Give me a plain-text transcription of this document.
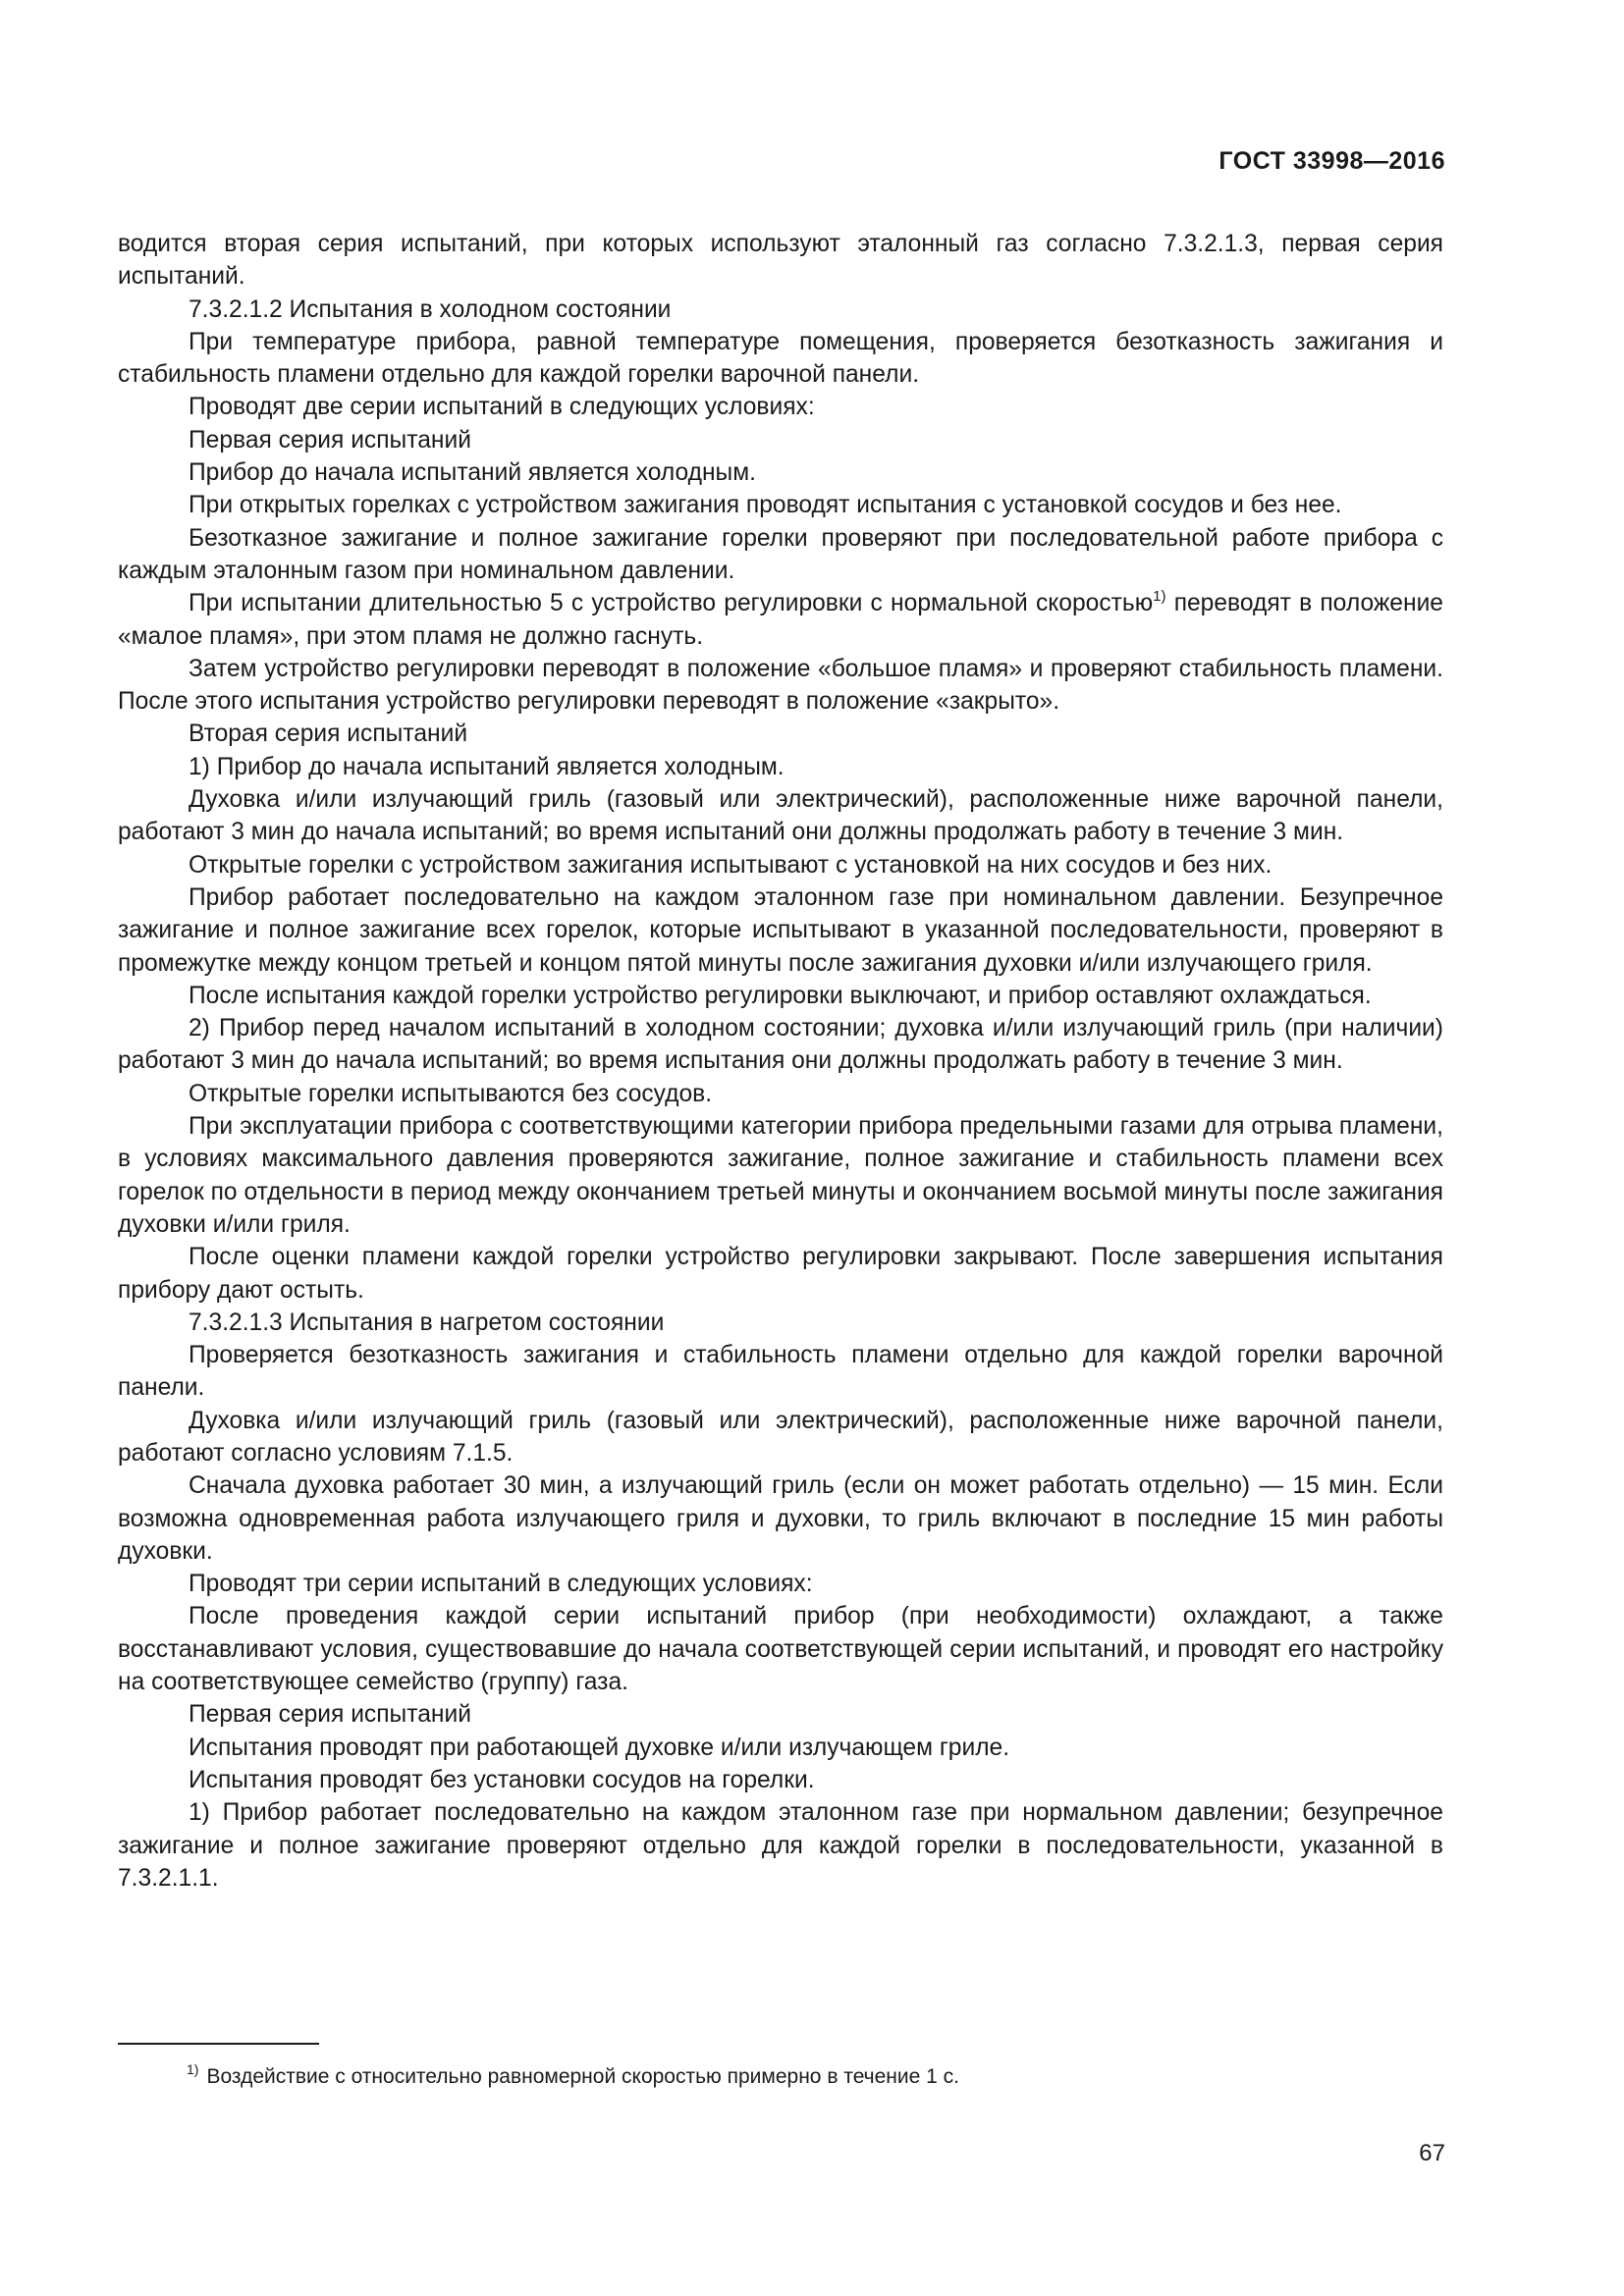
ГОСТ 33998—2016

водится вторая серия испытаний, при которых используют эталонный газ согласно 7.3.2.1.3, первая серия испытаний.

7.3.2.1.2 Испытания в холодном состоянии

При температуре прибора, равной температуре помещения, проверяется безотказность зажигания и стабильность пламени отдельно для каждой горелки варочной панели.

Проводят две серии испытаний в следующих условиях:

Первая серия испытаний

Прибор до начала испытаний является холодным.

При открытых горелках с устройством зажигания проводят испытания с установкой сосудов и без нее.

Безотказное зажигание и полное зажигание горелки проверяют при последовательной работе прибора с каждым эталонным газом при номинальном давлении.

При испытании длительностью 5 с устройство регулировки с нормальной скоростью$^{1)}$ переводят в положение «малое пламя», при этом пламя не должно гаснуть.

Затем устройство регулировки переводят в положение «большое пламя» и проверяют стабильность пламени. После этого испытания устройство регулировки переводят в положение «закрыто».

Вторая серия испытаний

1) Прибор до начала испытаний является холодным.

Духовка и/или излучающий гриль (газовый или электрический), расположенные ниже варочной панели, работают 3 мин до начала испытаний; во время испытаний они должны продолжать работу в течение 3 мин.

Открытые горелки с устройством зажигания испытывают с установкой на них сосудов и без них.

Прибор работает последовательно на каждом эталонном газе при номинальном давлении. Безупречное зажигание и полное зажигание всех горелок, которые испытывают в указанной последовательности, проверяют в промежутке между концом третьей и концом пятой минуты после зажигания духовки и/или излучающего гриля.

После испытания каждой горелки устройство регулировки выключают, и прибор оставляют охлаждаться.

2) Прибор перед началом испытаний в холодном состоянии; духовка и/или излучающий гриль (при наличии) работают 3 мин до начала испытаний; во время испытания они должны продолжать работу в течение 3 мин.

Открытые горелки испытываются без сосудов.

При эксплуатации прибора с соответствующими категории прибора предельными газами для отрыва пламени, в условиях максимального давления проверяются зажигание, полное зажигание и стабильность пламени всех горелок по отдельности в период между окончанием третьей минуты и окончанием восьмой минуты после зажигания духовки и/или гриля.

После оценки пламени каждой горелки устройство регулировки закрывают. После завершения испытания прибору дают остыть.

7.3.2.1.3 Испытания в нагретом состоянии

Проверяется безотказность зажигания и стабильность пламени отдельно для каждой горелки варочной панели.

Духовка и/или излучающий гриль (газовый или электрический), расположенные ниже варочной панели, работают согласно условиям 7.1.5.

Сначала духовка работает 30 мин, а излучающий гриль (если он может работать отдельно) — 15 мин. Если возможна одновременная работа излучающего гриля и духовки, то гриль включают в последние 15 мин работы духовки.

Проводят три серии испытаний в следующих условиях:

После проведения каждой серии испытаний прибор (при необходимости) охлаждают, а также восстанавливают условия, существовавшие до начала соответствующей серии испытаний, и проводят его настройку на соответствующее семейство (группу) газа.

Первая серия испытаний

Испытания проводят при работающей духовке и/или излучающем гриле.

Испытания проводят без установки сосудов на горелки.

1) Прибор работает последовательно на каждом эталонном газе при нормальном давлении; безупречное зажигание и полное зажигание проверяют отдельно для каждой горелки в последовательности, указанной в 7.3.2.1.1.

$^{1)}$ Воздействие с относительно равномерной скоростью примерно в течение 1 с.
67
